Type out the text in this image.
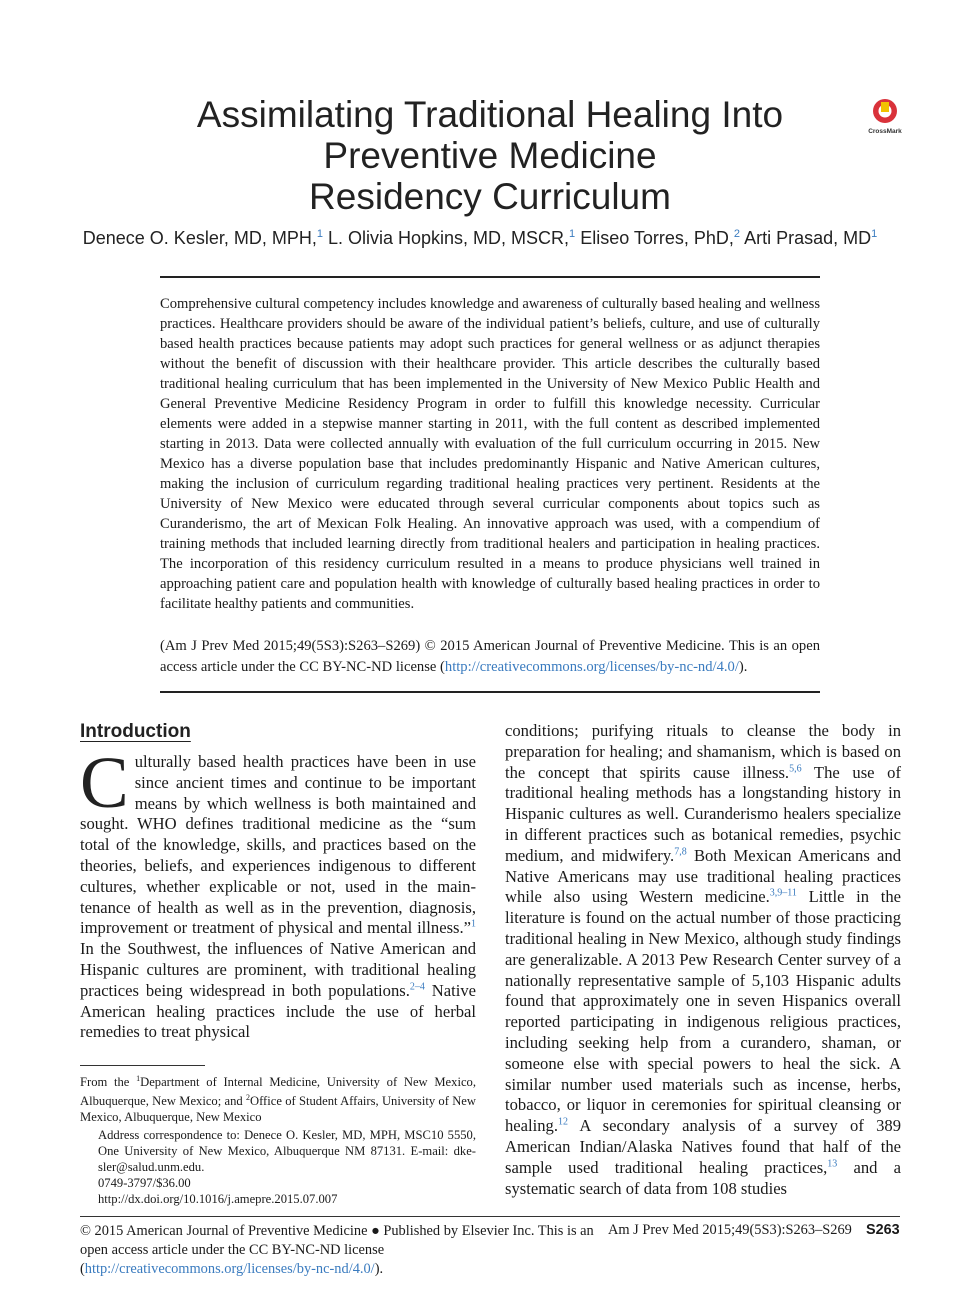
Assimilating Traditional Healing Into
Preventive Medicine
Residency Curriculum
CrossMark
Denece O. Kesler, MD, MPH,$^1$ L. Olivia Hopkins, MD, MSCR,$^1$ Eliseo Torres, PhD,$^2$ Arti Prasad, $MD^1$

Comprehensive cultural competency includes knowledge and awareness of culturally based healing and wellness practices. Healthcare providers should be aware of the individual patient’s beliefs, culture, and use of culturally based health practices because patients may adopt such practices for general wellness or as adjunct therapies without the benefit of discussion with their healthcare provider. This article describes the culturally based traditional healing curriculum that has been implemented in the University of New Mexico Public Health and General Preventive Medicine Residency Program in order to fulfill this knowledge necessity. Curricular elements were added in a stepwise manner starting in 2011, with the full content as described implemented starting in 2013. Data were collected annually with evaluation of the full curriculum occurring in 2015. New Mexico has a diverse population base that includes predominantly Hispanic and Native American cultures, making the inclusion of curriculum regarding traditional healing practices very pertinent. Residents at the University of New Mexico were educated through several curricular components about topics such as Curanderismo, the art of Mexican Folk Healing. An innovative approach was used, with a compendium of training methods that included learning directly from traditional healers and participation in healing practices. The incorporation of this residency curriculum resulted in a means to produce physicians well trained in approaching patient care and population health with knowledge of culturally based healing practices in order to facilitate healthy patients and communities.

(Am J Prev Med 2015;49(5S3):S263–S269) © 2015 American Journal of Preventive Medicine. This is an open access article under the CC BY-NC-ND license (http://creativecommons.org/licenses/by-nc-nd/4.0/).
Introduction

Culturally based health practices have been in use since ancient times and continue to be important means by which wellness is both maintained and sought. WHO defines traditional medicine as the “sum total of the knowledge, skills, and practices based on the theories, beliefs, and experiences indigenous to different cultures, whether explicable or not, used in the maintenance of health as well as in the prevention, diagnosis, improvement or treatment of physical and mental illness.”$^1$ In the Southwest, the influences of Native American and Hispanic cultures are prominent, with traditional healing practices being widespread in both populations.$^{2-4}$ Native American healing practices include the use of herbal remedies to treat physical

conditions; purifying rituals to cleanse the body in preparation for healing; and shamanism, which is based on the concept that spirits cause illness.$^{5,6}$ The use of traditional healing methods has a longstanding history in Hispanic cultures as well. Curanderismo healers specialize in different practices such as botanical remedies, psychic medium, and midwifery.$^{7,8}$ Both Mexican Americans and Native Americans may use traditional healing practices while also using Western medicine.$^{3,9-11}$ Little in the literature is found on the actual number of those practicing traditional healing in New Mexico, although study findings are generalizable. A 2013 Pew Research Center survey of a nationally representative sample of 5,103 Hispanic adults found that approximately one in seven Hispanics overall reported participating in indigenous religious practices, including seeking help from a curandero, shaman, or someone else with special powers to heal the sick. A similar number used materials such as incense, herbs, tobacco, or liquor in ceremonies for spiritual cleansing or healing.$^{12}$ A secondary analysis of a survey of 389 American Indian/Alaska Natives found that half of the sample used traditional healing practices,$^{13}$ and a systematic search of data from 108 studies

From the $^1$Department of Internal Medicine, University of New Mexico, Albuquerque, New Mexico; and $^2$Office of Student Affairs, University of New Mexico, Albuquerque, New Mexico

Address correspondence to: Denece O. Kesler, MD, MPH, MSC10 5550, One University of New Mexico, Albuquerque NM 87131. E-mail: dkesler@salud.unm.edu.

0749-3797/$36.00

http://dx.doi.org/10.1016/j.amepre.2015.07.007

© 2015 American Journal of Preventive Medicine ● Published by Elsevier Inc. This is an open access article under the CC BY-NC-ND license (http://creativecommons.org/licenses/by-nc-nd/4.0/).
Am J Prev Med 2015;49(5S3):S263–S269 S263
